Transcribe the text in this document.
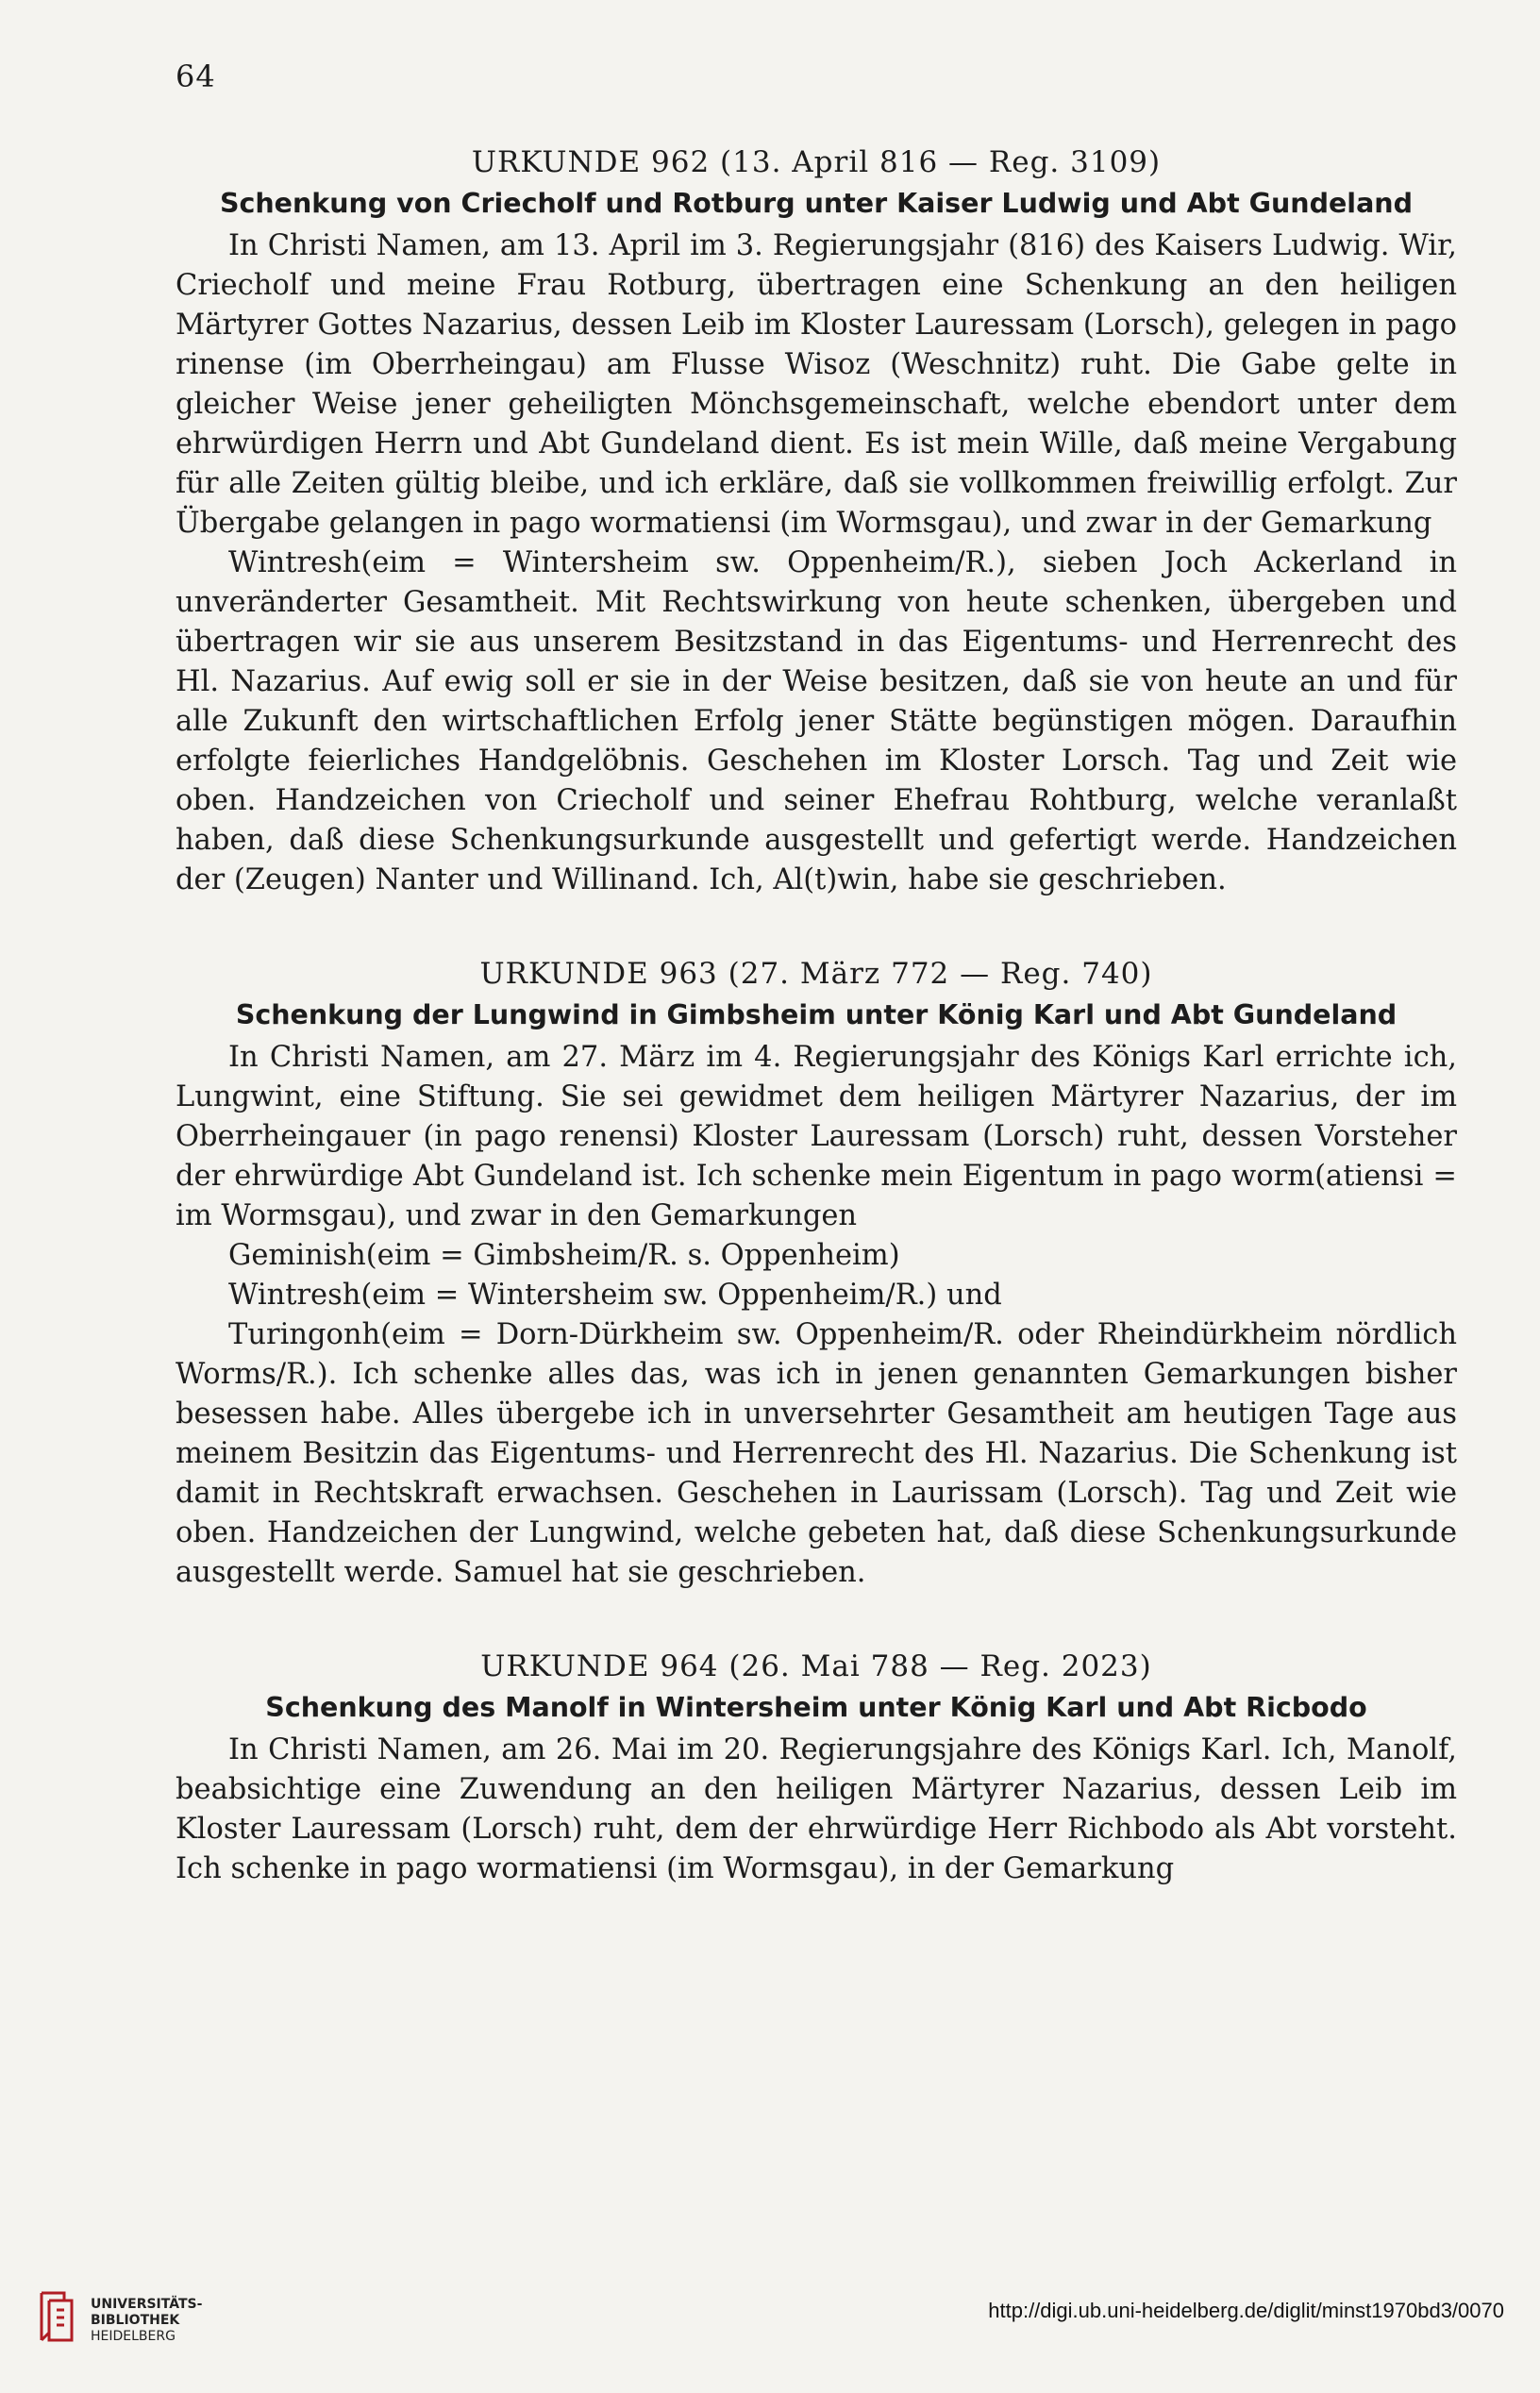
64

URKUNDE 962 (13. April 816 — Reg. 3109)

Schenkung von Criecholf und Rotburg unter Kaiser Ludwig und Abt Gundeland

In Christi Namen, am 13. April im 3. Regierungsjahr (816) des Kaisers Ludwig. Wir, Criecholf und meine Frau Rotburg, übertragen eine Schenkung an den heiligen Märtyrer Gottes Nazarius, dessen Leib im Kloster Lauressam (Lorsch), gelegen in pago rinense (im Oberrheingau) am Flusse Wisoz (Weschnitz) ruht. Die Gabe gelte in gleicher Weise jener geheiligten Mönchsgemeinschaft, welche ebendort unter dem ehrwürdigen Herrn und Abt Gundeland dient. Es ist mein Wille, daß meine Vergabung für alle Zeiten gültig bleibe, und ich erkläre, daß sie vollkommen freiwillig erfolgt. Zur Übergabe gelangen in pago wormatiensi (im Wormsgau), und zwar in der Gemarkung

Wintresh(eim = Wintersheim sw. Oppenheim/R.), sieben Joch Ackerland in unveränderter Gesamtheit. Mit Rechtswirkung von heute schenken, übergeben und übertragen wir sie aus unserem Besitzstand in das Eigentums- und Herrenrecht des Hl. Nazarius. Auf ewig soll er sie in der Weise besitzen, daß sie von heute an und für alle Zukunft den wirtschaftlichen Erfolg jener Stätte begünstigen mögen. Daraufhin erfolgte feierliches Handgelöbnis. Geschehen im Kloster Lorsch. Tag und Zeit wie oben. Handzeichen von Criecholf und seiner Ehefrau Rohtburg, welche veranlaßt haben, daß diese Schenkungsurkunde ausgestellt und gefertigt werde. Handzeichen der (Zeugen) Nanter und Willinand. Ich, Al(t)win, habe sie geschrieben.

URKUNDE 963 (27. März 772 — Reg. 740)

Schenkung der Lungwind in Gimbsheim unter König Karl und Abt Gundeland

In Christi Namen, am 27. März im 4. Regierungsjahr des Königs Karl errichte ich, Lungwint, eine Stiftung. Sie sei gewidmet dem heiligen Märtyrer Nazarius, der im Oberrheingauer (in pago renensi) Kloster Lauressam (Lorsch) ruht, dessen Vorsteher der ehrwürdige Abt Gundeland ist. Ich schenke mein Eigentum in pago worm(atiensi = im Wormsgau), und zwar in den Gemarkungen

Geminish(eim = Gimbsheim/R. s. Oppenheim)

Wintresh(eim = Wintersheim sw. Oppenheim/R.) und

Turingonh(eim = Dorn-Dürkheim sw. Oppenheim/R. oder Rheindürkheim nördlich Worms/R.). Ich schenke alles das, was ich in jenen genannten Gemarkungen bisher besessen habe. Alles übergebe ich in unversehrter Gesamtheit am heutigen Tage aus meinem Besitzin das Eigentums- und Herrenrecht des Hl. Nazarius. Die Schenkung ist damit in Rechtskraft erwachsen. Geschehen in Laurissam (Lorsch). Tag und Zeit wie oben. Handzeichen der Lungwind, welche gebeten hat, daß diese Schenkungsurkunde ausgestellt werde. Samuel hat sie geschrieben.

URKUNDE 964 (26. Mai 788 — Reg. 2023)

Schenkung des Manolf in Wintersheim unter König Karl und Abt Ricbodo

In Christi Namen, am 26. Mai im 20. Regierungsjahre des Königs Karl. Ich, Manolf, beabsichtige eine Zuwendung an den heiligen Märtyrer Nazarius, dessen Leib im Kloster Lauressam (Lorsch) ruht, dem der ehrwürdige Herr Richbodo als Abt vorsteht. Ich schenke in pago wormatiensi (im Wormsgau), in der Gemarkung

UNIVERSITÄTS-
BIBLIOTHEK
HEIDELBERG
http://digi.ub.uni-heidelberg.de/diglit/minst1970bd3/0070
